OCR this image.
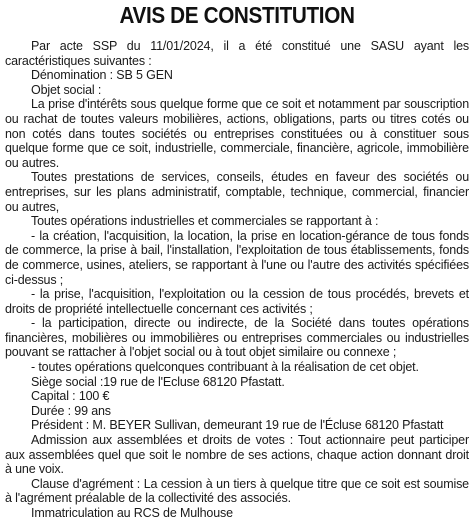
AVIS DE CONSTITUTION

Par acte SSP du 11/01/2024, il a été constitué une SASU ayant les caractéristiques suivantes :

Dénomination : SB 5 GEN

Objet social :

La prise d'intérêts sous quelque forme que ce soit et notamment par souscription ou rachat de toutes valeurs mobilières, actions, obligations, parts ou titres cotés ou non cotés dans toutes sociétés ou entreprises constituées ou à constituer sous quelque forme que ce soit, industrielle, commerciale, financière, agricole, immobilière ou autres.

Toutes prestations de services, conseils, études en faveur des sociétés ou entreprises, sur les plans administratif, comptable, technique, commercial, financier ou autres,

Toutes opérations industrielles et commerciales se rapportant à :

- la création, l'acquisition, la location, la prise en location-gérance de tous fonds de commerce, la prise à bail, l'installation, l'exploitation de tous établissements, fonds de commerce, usines, ateliers, se rapportant à l'une ou l'autre des activités spécifiées ci-dessus ;

- la prise, l'acquisition, l'exploitation ou la cession de tous procédés, brevets et droits de propriété intellectuelle concernant ces activités ;

- la participation, directe ou indirecte, de la Société dans toutes opérations financières, mobilières ou immobilières ou entreprises commerciales ou industrielles pouvant se rattacher à l'objet social ou à tout objet similaire ou connexe ;

- toutes opérations quelconques contribuant à la réalisation de cet objet.

Siège social :19 rue de l'Ecluse 68120 Pfastatt.

Capital : 100 €

Durée : 99 ans

Président : M. BEYER Sullivan, demeurant 19 rue de l'Écluse 68120 Pfastatt

Admission aux assemblées et droits de votes : Tout actionnaire peut participer aux assemblées quel que soit le nombre de ses actions, chaque action donnant droit à une voix.

Clause d'agrément : La cession à un tiers à quelque titre que ce soit est soumise à l'agrément préalable de la collectivité des associés.

Immatriculation au RCS de Mulhouse
